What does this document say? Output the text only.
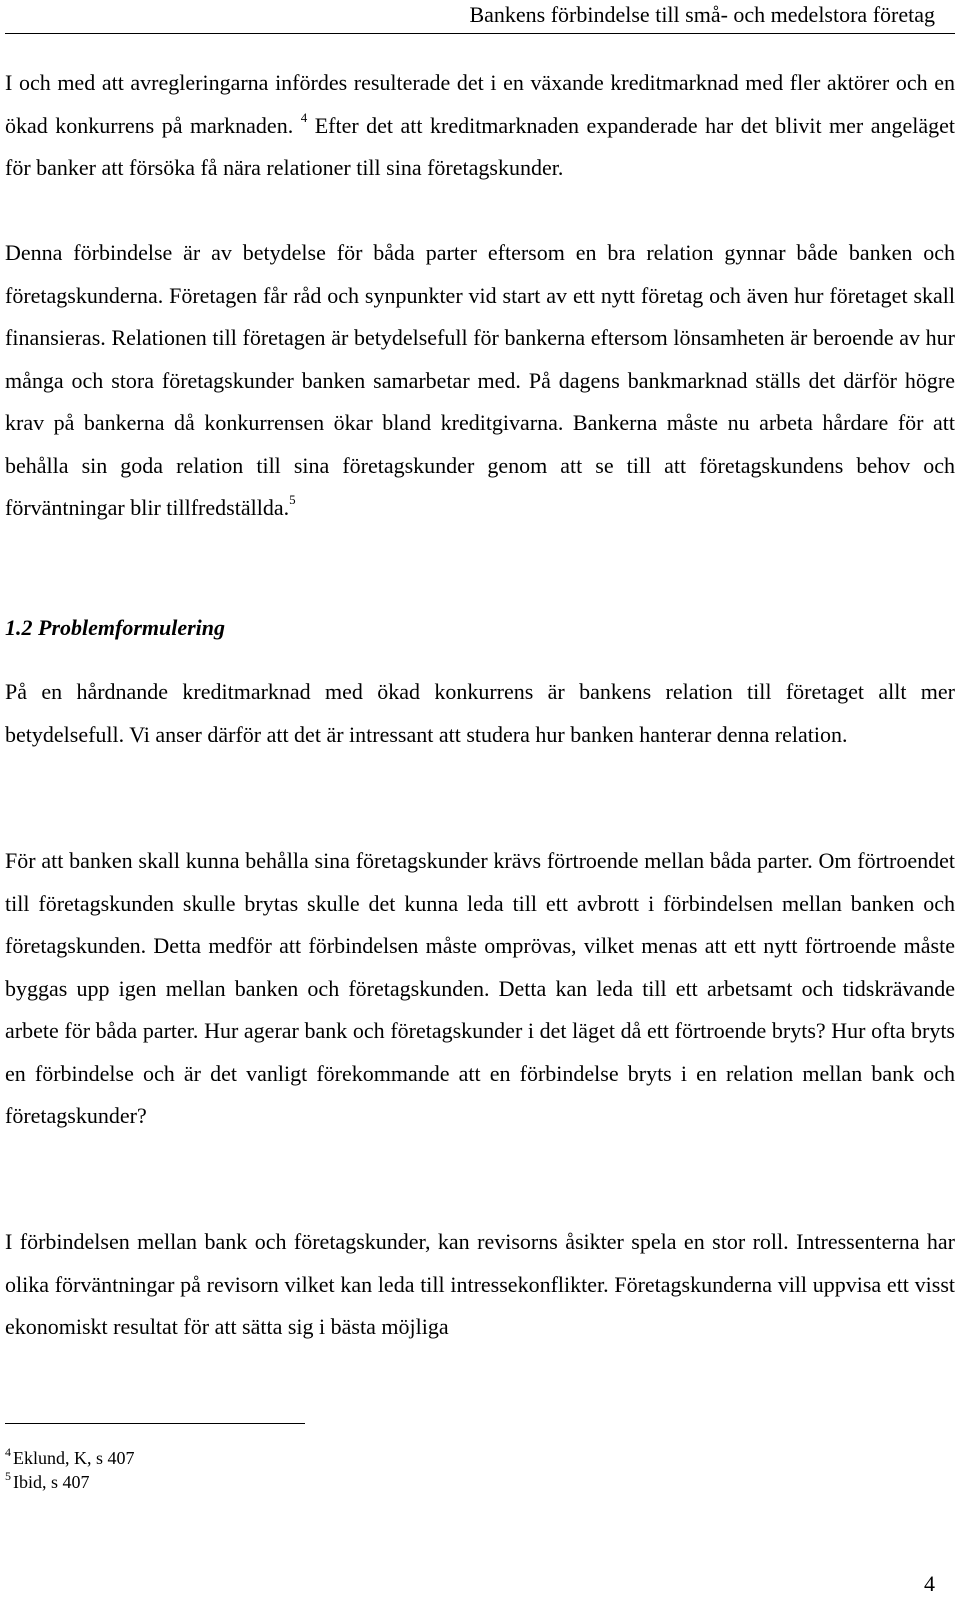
Bankens förbindelse till små- och medelstora företag

I och med att avregleringarna infördes resulterade det i en växande kreditmarknad med fler aktörer och en ökad konkurrens på marknaden. $^4$ Efter det att kreditmarknaden expanderade har det blivit mer angeläget för banker att försöka få nära relationer till sina företagskunder.

Denna förbindelse är av betydelse för båda parter eftersom en bra relation gynnar både banken och företagskunderna. Företagen får råd och synpunkter vid start av ett nytt företag och även hur företaget skall finansieras. Relationen till företagen är betydelsefull för bankerna eftersom lönsamheten är beroende av hur många och stora företagskunder banken samarbetar med. På dagens bankmarknad ställs det därför högre krav på bankerna då konkurrensen ökar bland kreditgivarna. Bankerna måste nu arbeta hårdare för att behålla sin goda relation till sina företagskunder genom att se till att företagskundens behov och förväntningar blir tillfredställda.$^5$

1.2 Problemformulering

På en hårdnande kreditmarknad med ökad konkurrens är bankens relation till företaget allt mer betydelsefull. Vi anser därför att det är intressant att studera hur banken hanterar denna relation.

För att banken skall kunna behålla sina företagskunder krävs förtroende mellan båda parter. Om förtroendet till företagskunden skulle brytas skulle det kunna leda till ett avbrott i förbindelsen mellan banken och företagskunden. Detta medför att förbindelsen måste omprövas, vilket menas att ett nytt förtroende måste byggas upp igen mellan banken och företagskunden. Detta kan leda till ett arbetsamt och tidskrävande arbete för båda parter. Hur agerar bank och företagskunder i det läget då ett förtroende bryts? Hur ofta bryts en förbindelse och är det vanligt förekommande att en förbindelse bryts i en relation mellan bank och företagskunder?

I förbindelsen mellan bank och företagskunder, kan revisorns åsikter spela en stor roll. Intressenterna har olika förväntningar på revisorn vilket kan leda till intressekonflikter. Företagskunderna vill uppvisa ett visst ekonomiskt resultat för att sätta sig i bästa möjliga

$^4$ Eklund, K, s 407
$^5$ Ibid, s 407
4
